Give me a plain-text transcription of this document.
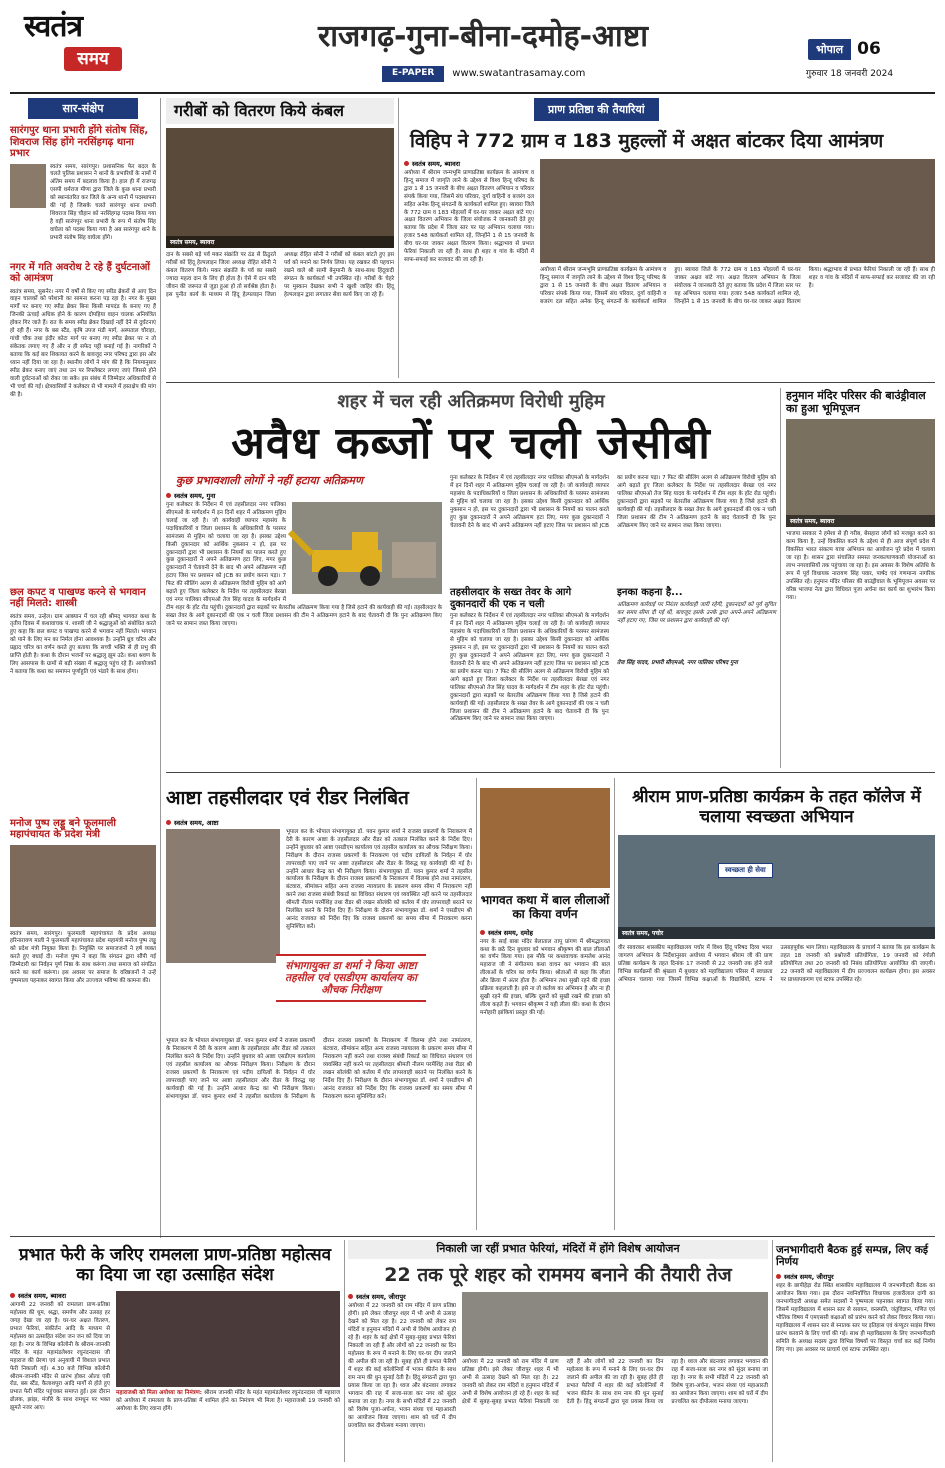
स्वतंत्र
समय
राजगढ़-गुना-बीना-दमोह-आष्टा
E-PAPER	www.swatantrasamay.com
भोपाल 06
गुरुवार 18 जनवरी 2024
सार-संक्षेप
सारंगपुर थाना प्रभारी होंगे संतोष सिंह, शिवराज सिंह होंगे नरसिंहगढ़ थाना प्रभार
स्वतंत्र समय, सारंगपुर। प्रशासनिक फेर बदल के चलते पुलिस प्रशासन ने थानों के प्रभारियों के नामों में अंतिम समय में बदलाव किया है। हाल ही में राजगढ़ एसपी धर्मराज मीणा द्वारा जिले के कुछ थाना प्रभारी को स्थानांतरित कर जिले के अन्य थानों में पदस्थापना की गई है जिसके चलते सारंगपुर थाना प्रभारी शिवराज सिंह चौहान को नरसिंहगढ़ पदस्थ किया गया है वहीं सारंगपुर थाना प्रभारी के रूप में संतोष सिंह वाघेला को पदस्थ किया गया है अब सारंगपुर थाने के प्रभारी संतोष सिंह वाघेला होंगे।
नगर में गति अवरोध टे रहे हैं दुर्घटनाओं को आमंत्रण
स्वतंत्र समय, सुसनेर। नगर में वर्षों से किए गए स्पीड ब्रेकरों से आए दिन वाहन चालकों को परेशानी का सामना करना पड़ रहा है। नगर के मुख्य मार्गों पर बनाए गए स्पीड ब्रेकर बिना किसी मापदंड के बनाए गए हैं जिनकी ऊंचाई अधिक होने के कारण दोपहिया वाहन चालक अनियंत्रित होकर गिर जाते हैं। रात के समय स्पीड ब्रेकर दिखाई नहीं देने से दुर्घटनाएं हो रही हैं। नगर के बस स्टैंड, कृषि उपज मंडी मार्ग, अस्पताल चौराहा, गांधी चौक तथा इंदौर कोटा मार्ग पर बनाए गए स्पीड ब्रेकर पर न तो संकेतक लगाए गए हैं और न ही सफेद पट्टी बनाई गई है। नागरिकों ने बताया कि कई बार शिकायत करने के बावजूद नगर परिषद द्वारा इस ओर ध्यान नहीं दिया जा रहा है। स्थानीय लोगों ने मांग की है कि नियमानुसार स्पीड ब्रेकर बनाए जाएं तथा उन पर रिफ्लेक्टर लगाए जाएं जिससे होने वाली दुर्घटनाओं को रोका जा सके। इस संबंध में जिम्मेदार अधिकारियों से भी चर्चा की गई। क्षेत्रवासियों ने कलेक्टर से भी मामले में हस्तक्षेप की मांग की है।
छल कपट व पाखण्ड करने से भगवान नहीं मिलते: शास्त्री
स्वतंत्र समय, उन्हेल। ग्राम आक्यान में चल रही श्रीमद् भागवत कथा के तृतीय दिवस में कथावाचक पं. शास्त्री जी ने श्रद्धालुओं को संबोधित करते हुए कहा कि छल कपट व पाखण्ड करने से भगवान नहीं मिलते। भगवान को पाने के लिए मन का निर्मल होना आवश्यक है। उन्होंने ध्रुव चरित्र और प्रह्लाद चरित्र का वर्णन करते हुए बताया कि सच्ची भक्ति से ही प्रभु की प्राप्ति होती है। कथा के दौरान भजनों पर श्रद्धालु झूम उठे। कथा श्रवण के लिए आसपास के ग्रामों से बड़ी संख्या में श्रद्धालु पहुंच रहे हैं। आयोजकों ने बताया कि कथा का समापन पूर्णाहुति एवं भंडारे के साथ होगा।
मनोज पुष्प लड्डू बने फूलमाली महापंचायत के प्रदेश मंत्री
स्वतंत्र समय, सारंगपुर। फूलमाली महापंचायत के प्रदेश अध्यक्ष हरिनारायण माली ने फूलमाली महापंचायत प्रदेश महामंत्री मनोज पुष्प लड्डू को प्रदेश मंत्री नियुक्त किया है। नियुक्ति पर समाजजनों ने हर्ष व्यक्त करते हुए बधाई दी। मनोज पुष्प ने कहा कि संगठन द्वारा सौंपी गई जिम्मेदारी का निर्वहन पूर्ण निष्ठा के साथ करूंगा तथा समाज को संगठित करने का कार्य करूंगा। इस अवसर पर समाज के वरिष्ठजनों ने उन्हें पुष्पमाला पहनाकर स्वागत किया और उज्ज्वल भविष्य की कामना की।
गरीबों को वितरण किये कंबल
स्वतंत्र समय, ब्यावरा
दान के सबसे बड़े पर्व मकर संक्रांति पर ठंड से ठिठुरते गरीबों को हिंदू हेल्पलाइन जिला अध्यक्ष रोहित सोनी ने कंबल वितरण किये। मकर संक्रांति के पर्व का सबसे ज्यादा महत्व दान के लिए ही होता है। ऐसे में दान यदि जीवन की जरूरत से जुड़ा हुआ हो तो सर्वश्रेष्ठ होता है। इस पुनीत कार्य के माध्यम से हिंदू हेल्पलाइन जिला अध्यक्ष रोहित सोनी ने गरीबों को कंबल बांटते हुए इस पर्व को मनाने का निर्णय लिया। यह रखकर की पहचान रखने वाले श्री सामी बेनुमानी के साथ-साथ हिंदूवादी संगठन के कार्यकर्ता भी उपस्थित रहे। गरीबों के चेहरे पर मुस्कान देखकर सभी ने खुशी जाहिर की। हिंदू हेल्पलाइन द्वारा लगातार सेवा कार्य किए जा रहे हैं।
प्राण प्रतिष्ठा की तैयारियां
विहिप ने 772 ग्राम व 183 मुहल्लों में अक्षत बांटकर दिया आमंत्रण
स्वतंत्र समय, ब्यावरा
अयोध्या में श्रीराम जन्मभूमि प्राणप्रतिष्ठा कार्यक्रम के आमंत्रण व हिन्दू समाज में जागृति लाने के उद्देश्य से विश्व हिन्दू परिषद के द्वारा 1 से 15 जनवरी के बीच अक्षत वितरण अभियान व परिवार संपर्क किया गया, जिसमें संघ परिवार, दुर्गा वाहिनी व बजरंग दल सहित अनेक हिन्दू संगठनों के कार्यकर्ता शामिल हुए। ब्यावरा जिले के 772 ग्राम व 183 मोहल्लों में घर-घर जाकर अक्षत बांटे गए। अक्षत वितरण अभियान के जिला संयोजक ने जानकारी देते हुए बताया कि प्रदेश में जिला स्तर पर यह अभियान चलाया गया। हजार 548 कार्यकर्ता शामिल रहे, जिन्होंने 1 से 15 जनवरी के बीच घर-घर जाकर अक्षत वितरण किया। श्रद्धाभाव से प्रभात फेरियां निकाली जा रही हैं। साथ ही शहर व गांव के मंदिरों में साफ-सफाई कर सजावट की जा रही है।
अयोध्या में श्रीराम जन्मभूमि प्राणप्रतिष्ठा कार्यक्रम के आमंत्रण व हिन्दू समाज में जागृति लाने के उद्देश्य से विश्व हिन्दू परिषद के द्वारा 1 से 15 जनवरी के बीच अक्षत वितरण अभियान व परिवार संपर्क किया गया, जिसमें संघ परिवार, दुर्गा वाहिनी व बजरंग दल सहित अनेक हिन्दू संगठनों के कार्यकर्ता शामिल हुए। ब्यावरा जिले के 772 ग्राम व 183 मोहल्लों में घर-घर जाकर अक्षत बांटे गए। अक्षत वितरण अभियान के जिला संयोजक ने जानकारी देते हुए बताया कि प्रदेश में जिला स्तर पर यह अभियान चलाया गया। हजार 548 कार्यकर्ता शामिल रहे, जिन्होंने 1 से 15 जनवरी के बीच घर-घर जाकर अक्षत वितरण किया। श्रद्धाभाव से प्रभात फेरियां निकाली जा रही हैं। साथ ही शहर व गांव के मंदिरों में साफ-सफाई कर सजावट की जा रही है।
शहर में चल रही अतिक्रमण विरोधी मुहिम
अवैध कब्जों पर चली जेसीबी
कुछ प्रभावशाली लोगों ने नहीं हटाया अतिक्रमण
स्वतंत्र समय, गुना
गुना कलेक्टर के निर्देशन में एवं तहसीलदार नगर पालिका सीएमओ के मार्गदर्शन में इन दिनों शहर में अतिक्रमण मुहिम चलाई जा रही है। जो कार्यवाही व्यापार महासंघ के पदाधिकारियों व जिला प्रशासन के अधिकारियों के परस्पर सामंजस्य से मुहिम को चलाया जा रहा है। इसका उद्देश्य किसी दुकानदार को आर्थिक नुकसान न हो, इस पर दुकानदारों द्वारा भी प्रशासन के नियमों का पालन करते हुए कुछ दुकानदारों ने अपने अतिक्रमण हटा लिए, मगर कुछ दुकानदारों ने चेतावनी देने के बाद भी अपने अतिक्रमण नहीं हटाए जिस पर प्रशासन को JCB का प्रयोग करना पड़ा। 7 फिट की सीलिंग अलग से अतिक्रमण विरोधी मुहिम को आगे बढ़ाते हुए जिला कलेक्टर के निर्देश पर तहसीलदार बेरखा एवं नगर पालिका सीएमओ तेज सिंह यादव के मार्गदर्शन में टीम शहर के हॉट रोड पहुंची। दुकानदारों द्वारा सड़कों पर बेतरतीब अतिक्रमण किया गया है जिसे हटाने की कार्यवाही की गई। तहसीलदार के सख्त तेवर के आगे दुकानदारों की एक न चली जिला प्रशासन की टीम ने अतिक्रमण हटाने के बाद चेतावनी दी कि पुनः अतिक्रमण किए जाने पर सामान जब्त किया जाएगा।
गुना कलेक्टर के निर्देशन में एवं तहसीलदार नगर पालिका सीएमओ के मार्गदर्शन में इन दिनों शहर में अतिक्रमण मुहिम चलाई जा रही है। जो कार्यवाही व्यापार महासंघ के पदाधिकारियों व जिला प्रशासन के अधिकारियों के परस्पर सामंजस्य से मुहिम को चलाया जा रहा है। इसका उद्देश्य किसी दुकानदार को आर्थिक नुकसान न हो, इस पर दुकानदारों द्वारा भी प्रशासन के नियमों का पालन करते हुए कुछ दुकानदारों ने अपने अतिक्रमण हटा लिए, मगर कुछ दुकानदारों ने चेतावनी देने के बाद भी अपने अतिक्रमण नहीं हटाए जिस पर प्रशासन को JCB का प्रयोग करना पड़ा। 7 फिट की सीलिंग अलग से अतिक्रमण विरोधी मुहिम को आगे बढ़ाते हुए जिला कलेक्टर के निर्देश पर तहसीलदार बेरखा एवं नगर पालिका सीएमओ तेज सिंह यादव के मार्गदर्शन में टीम शहर के हॉट रोड पहुंची। दुकानदारों द्वारा सड़कों पर बेतरतीब अतिक्रमण किया गया है जिसे हटाने की कार्यवाही की गई। तहसीलदार के सख्त तेवर के आगे दुकानदारों की एक न चली जिला प्रशासन की टीम ने अतिक्रमण हटाने के बाद चेतावनी दी कि पुनः अतिक्रमण किए जाने पर सामान जब्त किया जाएगा।
तहसीलदार के सख्त तेवर के आगे दुकानदारों की एक न चली
गुना कलेक्टर के निर्देशन में एवं तहसीलदार नगर पालिका सीएमओ के मार्गदर्शन में इन दिनों शहर में अतिक्रमण मुहिम चलाई जा रही है। जो कार्यवाही व्यापार महासंघ के पदाधिकारियों व जिला प्रशासन के अधिकारियों के परस्पर सामंजस्य से मुहिम को चलाया जा रहा है। इसका उद्देश्य किसी दुकानदार को आर्थिक नुकसान न हो, इस पर दुकानदारों द्वारा भी प्रशासन के नियमों का पालन करते हुए कुछ दुकानदारों ने अपने अतिक्रमण हटा लिए, मगर कुछ दुकानदारों ने चेतावनी देने के बाद भी अपने अतिक्रमण नहीं हटाए जिस पर प्रशासन को JCB का प्रयोग करना पड़ा। 7 फिट की सीलिंग अलग से अतिक्रमण विरोधी मुहिम को आगे बढ़ाते हुए जिला कलेक्टर के निर्देश पर तहसीलदार बेरखा एवं नगर पालिका सीएमओ तेज सिंह यादव के मार्गदर्शन में टीम शहर के हॉट रोड पहुंची। दुकानदारों द्वारा सड़कों पर बेतरतीब अतिक्रमण किया गया है जिसे हटाने की कार्यवाही की गई। तहसीलदार के सख्त तेवर के आगे दुकानदारों की एक न चली जिला प्रशासन की टीम ने अतिक्रमण हटाने के बाद चेतावनी दी कि पुनः अतिक्रमण किए जाने पर सामान जब्त किया जाएगा।
इनका कहना है...
अतिक्रमण कार्रवाई पर निरंतर कार्यवाही जारी रहेगी, दुकानदारों को पूर्व सूचित कर समय सीमा दी गई थी, बावजूद इसके उनके द्वारा अपने-अपने अतिक्रमण नहीं हटाए गए, जिस पर प्रशासन द्वारा कार्यवाही की गई।
तेज सिंह यादव, प्रभारी सीएमओ, नगर पालिका परिषद गुना
हनुमान मंदिर परिसर की बाउंड्रीवाल का हुआ भूमिपूजन
स्वतंत्र समय, ब्यावरा
भाजपा सरकार ने हमेशा से ही गरीब, बेसहारा लोगों को मजबूत करने का काम किया है, उन्हें विकसित करने के उद्देश्य से ही आज संपूर्ण प्रदेश में विकसित भारत संकल्प यात्रा अभियान का आयोजन पूरे प्रदेश में चलाया जा रहा है। शासन द्वारा संचालित समस्त जनकल्याणकारी योजनाओं का लाभ नगरवासियों तक पहुंचाया जा रहा है। इस अवसर के विशेष अतिथि के रूप में पूर्व विधायक नारायण सिंह पवार, पार्षद एवं गणमान्य नागरिक उपस्थित रहे। हनुमान मंदिर परिसर की बाउंड्रीवाल के भूमिपूजन अवसर पर वरिष्ठ भाजपा नेता द्वारा विधिवत पूजा अर्चना कर कार्य का शुभारंभ किया गया।
आष्टा तहसीलदार एवं रीडर निलंबित
स्वतंत्र समय, आष्टा
भूपाल कर के भोपाल संभागायुक्त डॉ. पवन कुमार शर्मा ने राजस्व प्रकरणों के निराकरण में देरी के कारण आष्टा के तहसीलदार और रीडर को तत्काल निलंबित करने के निर्देश दिए। उन्होंने बुधवार को आष्टा एसडीएम कार्यालय एवं तहसील कार्यालय का औचक निरीक्षण किया। निरीक्षण के दौरान राजस्व प्रकरणों के निराकरण एवं पदीय दायित्वों के निर्वहन में घोर लापरवाही पाए जाने पर आष्टा तहसीलदार और रीडर के विरुद्ध यह कार्यवाही की गई है। उन्होंने आधार केन्द्र का भी निरीक्षण किया। संभागायुक्त डॉ. पवन कुमार शर्मा ने तहसील कार्यालय के निरीक्षण के दौरान राजस्व प्रकरणों के निराकरण में विलम्ब होने तथा नामांतरण, बंटवारा, सीमांकन सहित अन्य राजस्व न्यायालय के प्रकरण समय सीमा में निराकरण नहीं करने तथा राजस्व संबंधी रिकार्ड का विधिवत संधारण एवं व्यवस्थित नहीं करने पर तहसीलदार श्रीमती नीलम परमेंशिंह तथा रीडर श्री लखन सोलंकी को कर्तव्य में घोर लापरवाही बरतने पर निलंबित करने के निर्देश दिए हैं। निरीक्षण के दौरान संभागायुक्त डॉ. शर्मा ने एसडीएम श्री आनंद राजावत को निर्देश दिए कि राजस्व प्रकरणों का समय सीमा में निराकरण करना सुनिश्चित करें।
संभागायुक्त डा शर्मा ने किया आष्टा तहसील एवं एसडीएम कार्यालय का औचक निरीक्षण
भूपाल कर के भोपाल संभागायुक्त डॉ. पवन कुमार शर्मा ने राजस्व प्रकरणों के निराकरण में देरी के कारण आष्टा के तहसीलदार और रीडर को तत्काल निलंबित करने के निर्देश दिए। उन्होंने बुधवार को आष्टा एसडीएम कार्यालय एवं तहसील कार्यालय का औचक निरीक्षण किया। निरीक्षण के दौरान राजस्व प्रकरणों के निराकरण एवं पदीय दायित्वों के निर्वहन में घोर लापरवाही पाए जाने पर आष्टा तहसीलदार और रीडर के विरुद्ध यह कार्यवाही की गई है। उन्होंने आधार केन्द्र का भी निरीक्षण किया। संभागायुक्त डॉ. पवन कुमार शर्मा ने तहसील कार्यालय के निरीक्षण के दौरान राजस्व प्रकरणों के निराकरण में विलम्ब होने तथा नामांतरण, बंटवारा, सीमांकन सहित अन्य राजस्व न्यायालय के प्रकरण समय सीमा में निराकरण नहीं करने तथा राजस्व संबंधी रिकार्ड का विधिवत संधारण एवं व्यवस्थित नहीं करने पर तहसीलदार श्रीमती नीलम परमेंशिंह तथा रीडर श्री लखन सोलंकी को कर्तव्य में घोर लापरवाही बरतने पर निलंबित करने के निर्देश दिए हैं। निरीक्षण के दौरान संभागायुक्त डॉ. शर्मा ने एसडीएम श्री आनंद राजावत को निर्देश दिए कि राजस्व प्रकरणों का समय सीमा में निराकरण करना सुनिश्चित करें।
भागवत कथा में बाल लीलाओं का किया वर्णन
स्वतंत्र समय, दमोह
नगर के साईं बाबा मंदिर बेलाताल तापू प्रांगण में श्रीमद्भागवत कथा के छठे दिन बुधवार को भगवान श्रीकृष्ण की बाल लीलाओं का वर्णन किया गया। इस मौके पर कथावाचक कमलेश आनंद महाराज जी ने संगीतमय कथा वाचन कर भगवान की बाल लीलाओं के चरित्र का वर्णन किया। श्रोताओं से कहा कि लीला और क्रिया में अंतर होता है। अभिमान तथा सुखी रहने की इच्छा प्रक्रिया कहलाती है। इसे ना तो कर्तव्य का अभिमान है और ना ही सुखी रहने की इच्छा, बल्कि दूसरों को सुखी रखने की इच्छा को लीला कहते हैं। भगवान श्रीकृष्ण ने यही लीला की। कथा के दौरान मनोहारी झांकियां प्रस्तुत की गईं।
श्रीराम प्राण-प्रतिष्ठा कार्यक्रम के तहत कॉलेज में चलाया स्वच्छता अभियान
स्वच्छता ही सेवा
स्वतंत्र समय, पचोर
वीर सावरकर शासकीय महाविद्यालय पचोर में विश्व हिंदू परिषद दिव्य भारत जागरण अभियान के निर्देशानुसार अयोध्या में भगवान श्रीराम जी की प्राण प्रतिष्ठा कार्यक्रम के तहत दिनांक 17 जनवरी से 22 जनवरी तक होने वाले विभिन्न कार्यक्रमों की श्रृंखला में बुधवार को महाविद्यालय परिसर में स्वच्छता अभियान चलाया गया जिसमें विभिन्न कक्षाओं के विद्यार्थियों, स्टाफ ने उत्साहपूर्वक भाग लिया। महाविद्यालय के प्राचार्य ने बताया कि इस कार्यक्रम के तहत 18 जनवरी को प्रश्नोत्तरी प्रतियोगिता, 19 जनवरी को रंगोली प्रतियोगिता तथा 20 जनवरी को निबंध प्रतियोगिता आयोजित की जाएगी। 22 जनवरी को महाविद्यालय में दीप प्रज्ज्वलन कार्यक्रम होगा। इस अवसर पर प्राध्यापकगण एवं स्टाफ उपस्थित रहे।
प्रभात फेरी के जरिए रामलला प्राण-प्रतिष्ठा महोत्सव का दिया जा रहा उत्साहित संदेश
स्वतंत्र समय, ब्यावरा
आगामी 22 जनवरी को रामलला प्राण-प्रतिष्ठा महोत्सव की धूम, श्रद्धा, समर्पण और उत्साह हर जगह देखा जा रहा है। घर-घर अक्षत वितरण, प्रभात फेरियां, संकीर्तन आदि के माध्यम से महोत्सव का उत्साहित संदेश जन जन को दिया जा रहा है। नगर के विभिन्न कॉलोनी के श्रीराम-जानकी मंदिर के महंत महामंडलेश्वर रघुनंदनदास जी महाराज की प्रेरणा एवं अनुयायी में विशाल प्रभात फेरी निकाली गई। 4.30 बजे विभिन्न कॉलोनी श्रीराम-जानकी मंदिर से प्रारंभ होकर ओल्ड एबी रोड, बस स्टैंड, कैलाशपुरा आदि मार्गों से होते हुए प्रभात फेरी मंदिर पहुंचकर समाप्त हुई। इस दौरान ढोलक, झांझ, मंजीरे के साथ रामधुन पर भक्त झूमते नजर आए।
महाराजश्री को मिला अयोध्या का निमंत्रण: श्रीराम जानकी मंदिर के महंत महामंडलेश्वर रघुनंदनदास जी महाराज को अयोध्या में रामलला के प्राण-प्रतिष्ठा में शामिल होने का निमंत्रण भी मिला है। महाराजश्री 19 जनवरी को अयोध्या के लिए रवाना होंगे।
निकाली जा रहीं प्रभात फेरियां, मंदिरों में होंगे विशेष आयोजन
22 तक पूरे शहर को राममय बनाने की तैयारी तेज
स्वतंत्र समय, जीरापुर
अयोध्या में 22 जनवरी को राम मंदिर में प्राण प्रतिष्ठा होगी। इसे लेकर जीरापुर शहर में भी अभी से उत्साह देखने को मिल रहा है। 22 जनवरी को लेकर राम मंदिरों व हनुमान मंदिरों में अभी से विशेष आयोजन हो रहे हैं। शहर के कई क्षेत्रों में सुबह-सुबह प्रभात फेरियां निकाली जा रही हैं और लोगों को 22 जनवरी का दिन महोत्सव के रूप में मनाने के लिए घर-घर दीप जलाने की अपील की जा रही है। सुबह होते ही प्रभात फेरियों में शहर की कई कॉलोनियों में भजन कीर्तन के साथ राम नाम की धुन सुनाई देती है। हिंदू संगठनों द्वारा पूरा प्रयास किया जा रहा है। ध्वज और बंदनवार लगाकर भगवान की राह में सजा-सजा कर नगर को सुंदर बनाया जा रहा है। नगर के सभी मंदिरों में 22 जनवरी को विशेष पूजा-अर्चना, भजन संध्या एवं महाआरती का आयोजन किया जाएगा। शाम को घरों में दीप प्रज्वलित कर दीपोत्सव मनाया जाएगा।
अयोध्या में 22 जनवरी को राम मंदिर में प्राण प्रतिष्ठा होगी। इसे लेकर जीरापुर शहर में भी अभी से उत्साह देखने को मिल रहा है। 22 जनवरी को लेकर राम मंदिरों व हनुमान मंदिरों में अभी से विशेष आयोजन हो रहे हैं। शहर के कई क्षेत्रों में सुबह-सुबह प्रभात फेरियां निकाली जा रही हैं और लोगों को 22 जनवरी का दिन महोत्सव के रूप में मनाने के लिए घर-घर दीप जलाने की अपील की जा रही है। सुबह होते ही प्रभात फेरियों में शहर की कई कॉलोनियों में भजन कीर्तन के साथ राम नाम की धुन सुनाई देती है। हिंदू संगठनों द्वारा पूरा प्रयास किया जा रहा है। ध्वज और बंदनवार लगाकर भगवान की राह में सजा-सजा कर नगर को सुंदर बनाया जा रहा है। नगर के सभी मंदिरों में 22 जनवरी को विशेष पूजा-अर्चना, भजन संध्या एवं महाआरती का आयोजन किया जाएगा। शाम को घरों में दीप प्रज्वलित कर दीपोत्सव मनाया जाएगा।
जनभागीदारी बैठक हुई सम्पन्न, लिए कई निर्णय
स्वतंत्र समय, जीरापुर
शहर के छापीहेड़ा रोड स्थित शासकीय महाविद्यालय में जनभागीदारी बैठक का आयोजन किया गया। इस दौरान नवनिर्वाचित विधायक हजारीलाल दांगी का जनभागीदारी अध्यक्ष समेत सदस्यों ने पुष्पमाला पहनाकर स्वागत किया गया। जिसमें महाविद्यालय में शासन स्तर से रसायन, वनस्पति, जंतुविज्ञान, गणित एवं भौतिक विषय में एमएससी कक्षाओं को प्रारंभ करने को लेकर विचार किया गया। महाविद्यालय में शासन स्तर से स्नातक स्तर पर इतिहास एवं कंप्यूटर साइंस विषय प्रारंभ करवाने के लिए चर्चा की गई। साथ ही महाविद्यालय के लिए जनभागीदारी समिति के अध्यक्ष सदस्य द्वारा विभिन्न विषयों पर विस्तृत चर्चा कर कई निर्णय लिए गए। इस अवसर पर प्राचार्य एवं स्टाफ उपस्थित रहा।
